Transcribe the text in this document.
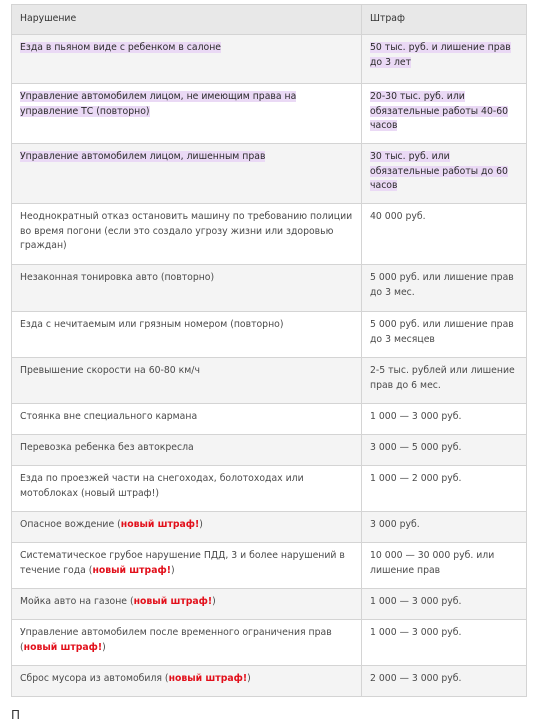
Нарушение	Штраф

Езда в пьяном виде с ребенком в салоне	50 тыс. руб. и лишение прав до 3 лет

Управление автомобилем лицом, не имеющим права на управление ТС (повторно)	20-30 тыс. руб. или обязательные работы 40-60 часов

Управление автомобилем лицом, лишенным прав	30 тыс. руб. или обязательные работы до 60 часов

Неоднократный отказ остановить машину по требованию полиции во время погони (если это создало угрозу жизни или здоровью граждан)	40 000 руб.

Незаконная тонировка авто (повторно)	5 000 руб. или лишение прав до 3 мес.

Езда с нечитаемым или грязным номером (повторно)	5 000 руб. или лишение прав до 3 месяцев

Превышение скорости на 60-80 км/ч	2-5 тыс. рублей или лишение прав до 6 мес.

Стоянка вне специального кармана	1 000 — 3 000 руб.

Перевозка ребенка без автокресла	3 000 — 5 000 руб.

Езда по проезжей части на снегоходах, болотоходах или мотоблоках (новый штраф!)	1 000 — 2 000 руб.

Опасное вождение (новый штраф!)	3 000 руб.

Систематическое грубое нарушение ПДД, 3 и более нарушений в течение года (новый штраф!)	10 000 — 30 000 руб. или лишение прав

Мойка авто на газоне (новый штраф!)	1 000 — 3 000 руб.

Управление автомобилем после временного ограничения прав (новый штраф!)	1 000 — 3 000 руб.

Сброс мусора из автомобиля (новый штраф!)	2 000 — 3 000 руб.
П
